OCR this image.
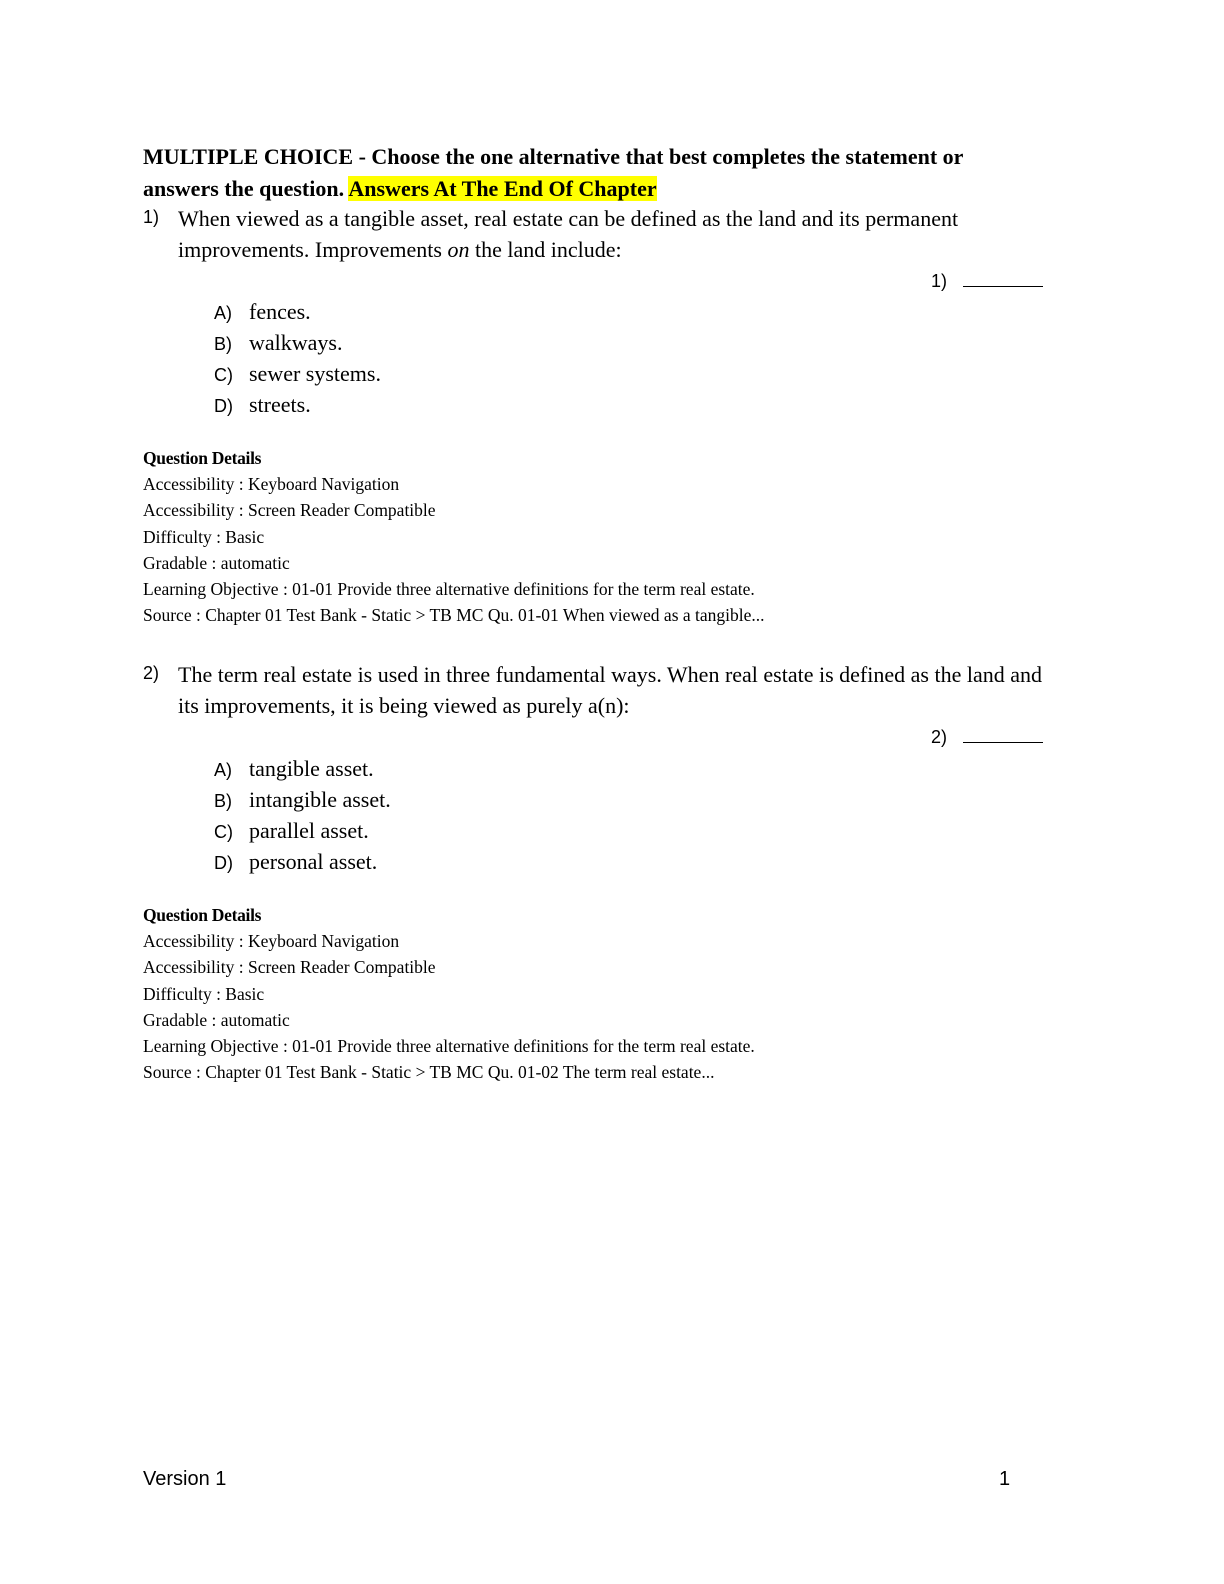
MULTIPLE CHOICE - Choose the one alternative that best completes the statement or
answers the question. Answers At The End Of Chapter
1) When viewed as a tangible asset, real estate can be defined as the land and its permanent improvements. Improvements on the land include:
1)
A) fences.
B) walkways.
C) sewer systems.
D) streets.
Question Details
Accessibility : Keyboard Navigation
Accessibility : Screen Reader Compatible
Difficulty : Basic
Gradable : automatic
Learning Objective : 01-01 Provide three alternative definitions for the term real estate.
Source : Chapter 01 Test Bank - Static > TB MC Qu. 01-01 When viewed as a tangible...
2) The term real estate is used in three fundamental ways. When real estate is defined as the land and its improvements, it is being viewed as purely a(n):
2)
A) tangible asset.
B) intangible asset.
C) parallel asset.
D) personal asset.
Question Details
Accessibility : Keyboard Navigation
Accessibility : Screen Reader Compatible
Difficulty : Basic
Gradable : automatic
Learning Objective : 01-01 Provide three alternative definitions for the term real estate.
Source : Chapter 01 Test Bank - Static > TB MC Qu. 01-02 The term real estate...
Version 1	1
